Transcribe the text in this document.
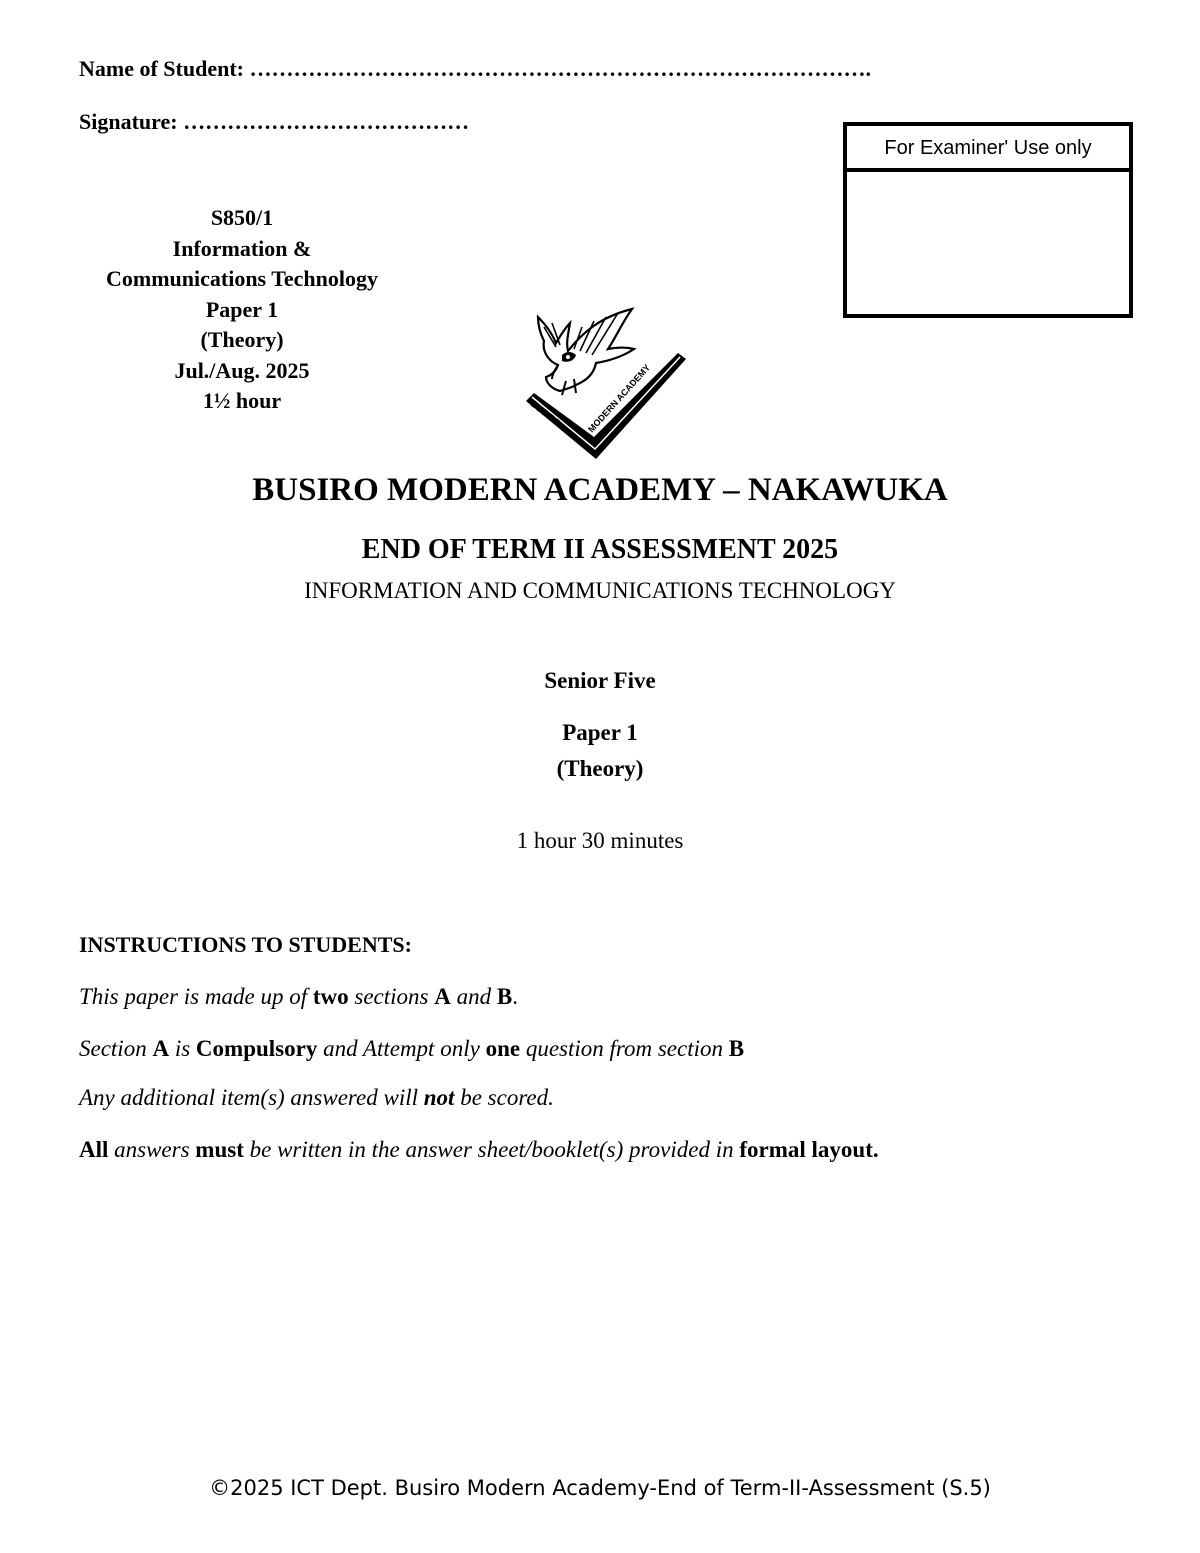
Name of Student: ………………………………………………………………………….
Signature: …………………………………
S850/1
Information &
Communications Technology
Paper 1
(Theory)
Jul./Aug. 2025
1½ hour
For Examiner' Use only
BUSIRO	MODERN ACADEMY
BUSIRO MODERN ACADEMY – NAKAWUKA
END OF TERM II ASSESSMENT 2025
INFORMATION AND COMMUNICATIONS TECHNOLOGY
Senior Five
Paper 1
(Theory)
1 hour 30 minutes
INSTRUCTIONS TO STUDENTS:
This paper is made up of two sections A and B.
Section A is Compulsory and Attempt only one question from section B
Any additional item(s) answered will not be scored.
All answers must be written in the answer sheet/booklet(s) provided in formal layout.
©2025 ICT Dept. Busiro Modern Academy-End of Term-II-Assessment (S.5)
